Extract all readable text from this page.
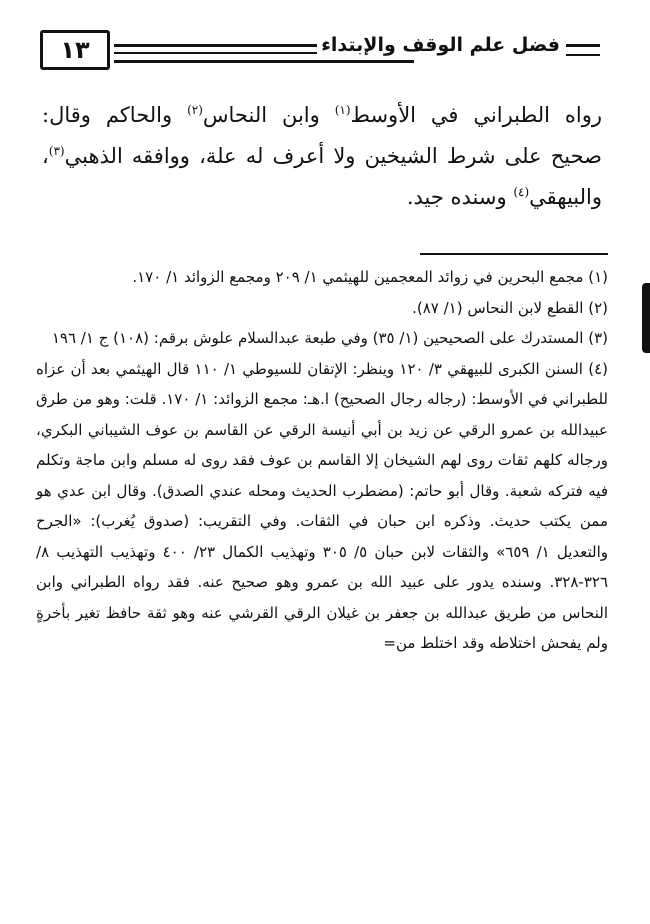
١٣	فضل علم الوقف والإبتداء
رواه الطبراني في الأوسط$^{(١)}$ وابن النحاس$^{(٢)}$ والحاكم وقال: صحيح على شرط الشيخين ولا أعرف له علة، ووافقه الذهبي$^{(٣)}$، والبيهقي$^{(٤)}$ وسنده جيد.

(١) مجمع البحرين في زوائد المعجمين للهيثمي ١/ ٢٠٩ ومجمع الزوائد ١/ ١٧٠.

(٢) القطع لابن النحاس (١/ ٨٧).

(٣) المستدرك على الصحيحين (١/ ٣٥) وفي طبعة عبدالسلام علوش برقم: (١٠٨) ج ١/ ١٩٦

(٤) السنن الكبرى للبيهقي ٣/ ١٢٠ وينظر: الإتقان للسيوطي ١/ ١١٠ قال الهيثمي بعد أن عزاه للطبراني في الأوسط: (رجاله رجال الصحيح) ا.هـ: مجمع الزوائد: ١/ ١٧٠. قلت: وهو من طرق عبيدالله بن عمرو الرقي عن زيد بن أبي أنيسة الرقي عن القاسم بن عوف الشيباني البكري، ورجاله كلهم ثقات روى لهم الشيخان إلا القاسم بن عوف فقد روى له مسلم وابن ماجة وتكلم فيه فتركه شعبة. وقال أبو حاتم: (مضطرب الحديث ومحله عندي الصدق). وقال ابن عدي هو ممن يكتب حديث. وذكره ابن حبان في الثقات. وفي التقريب: (صدوق يُغرب): «الجرح والتعديل ١/ ٦٥٩» والثقات لابن حبان ٥/ ٣٠٥ وتهذيب الكمال ٢٣/ ٤٠٠ وتهذيب التهذيب ٨/ ٣٢٦-٣٢٨. وسنده يدور على عبيد الله بن عمرو وهو صحيح عنه. فقد رواه الطبراني وابن النحاس من طريق عبدالله بن جعفر بن غيلان الرقي القرشي عنه وهو ثقة حافظ تغير بأخرةٍ ولم يفحش اختلاطه وقد اختلط من=
